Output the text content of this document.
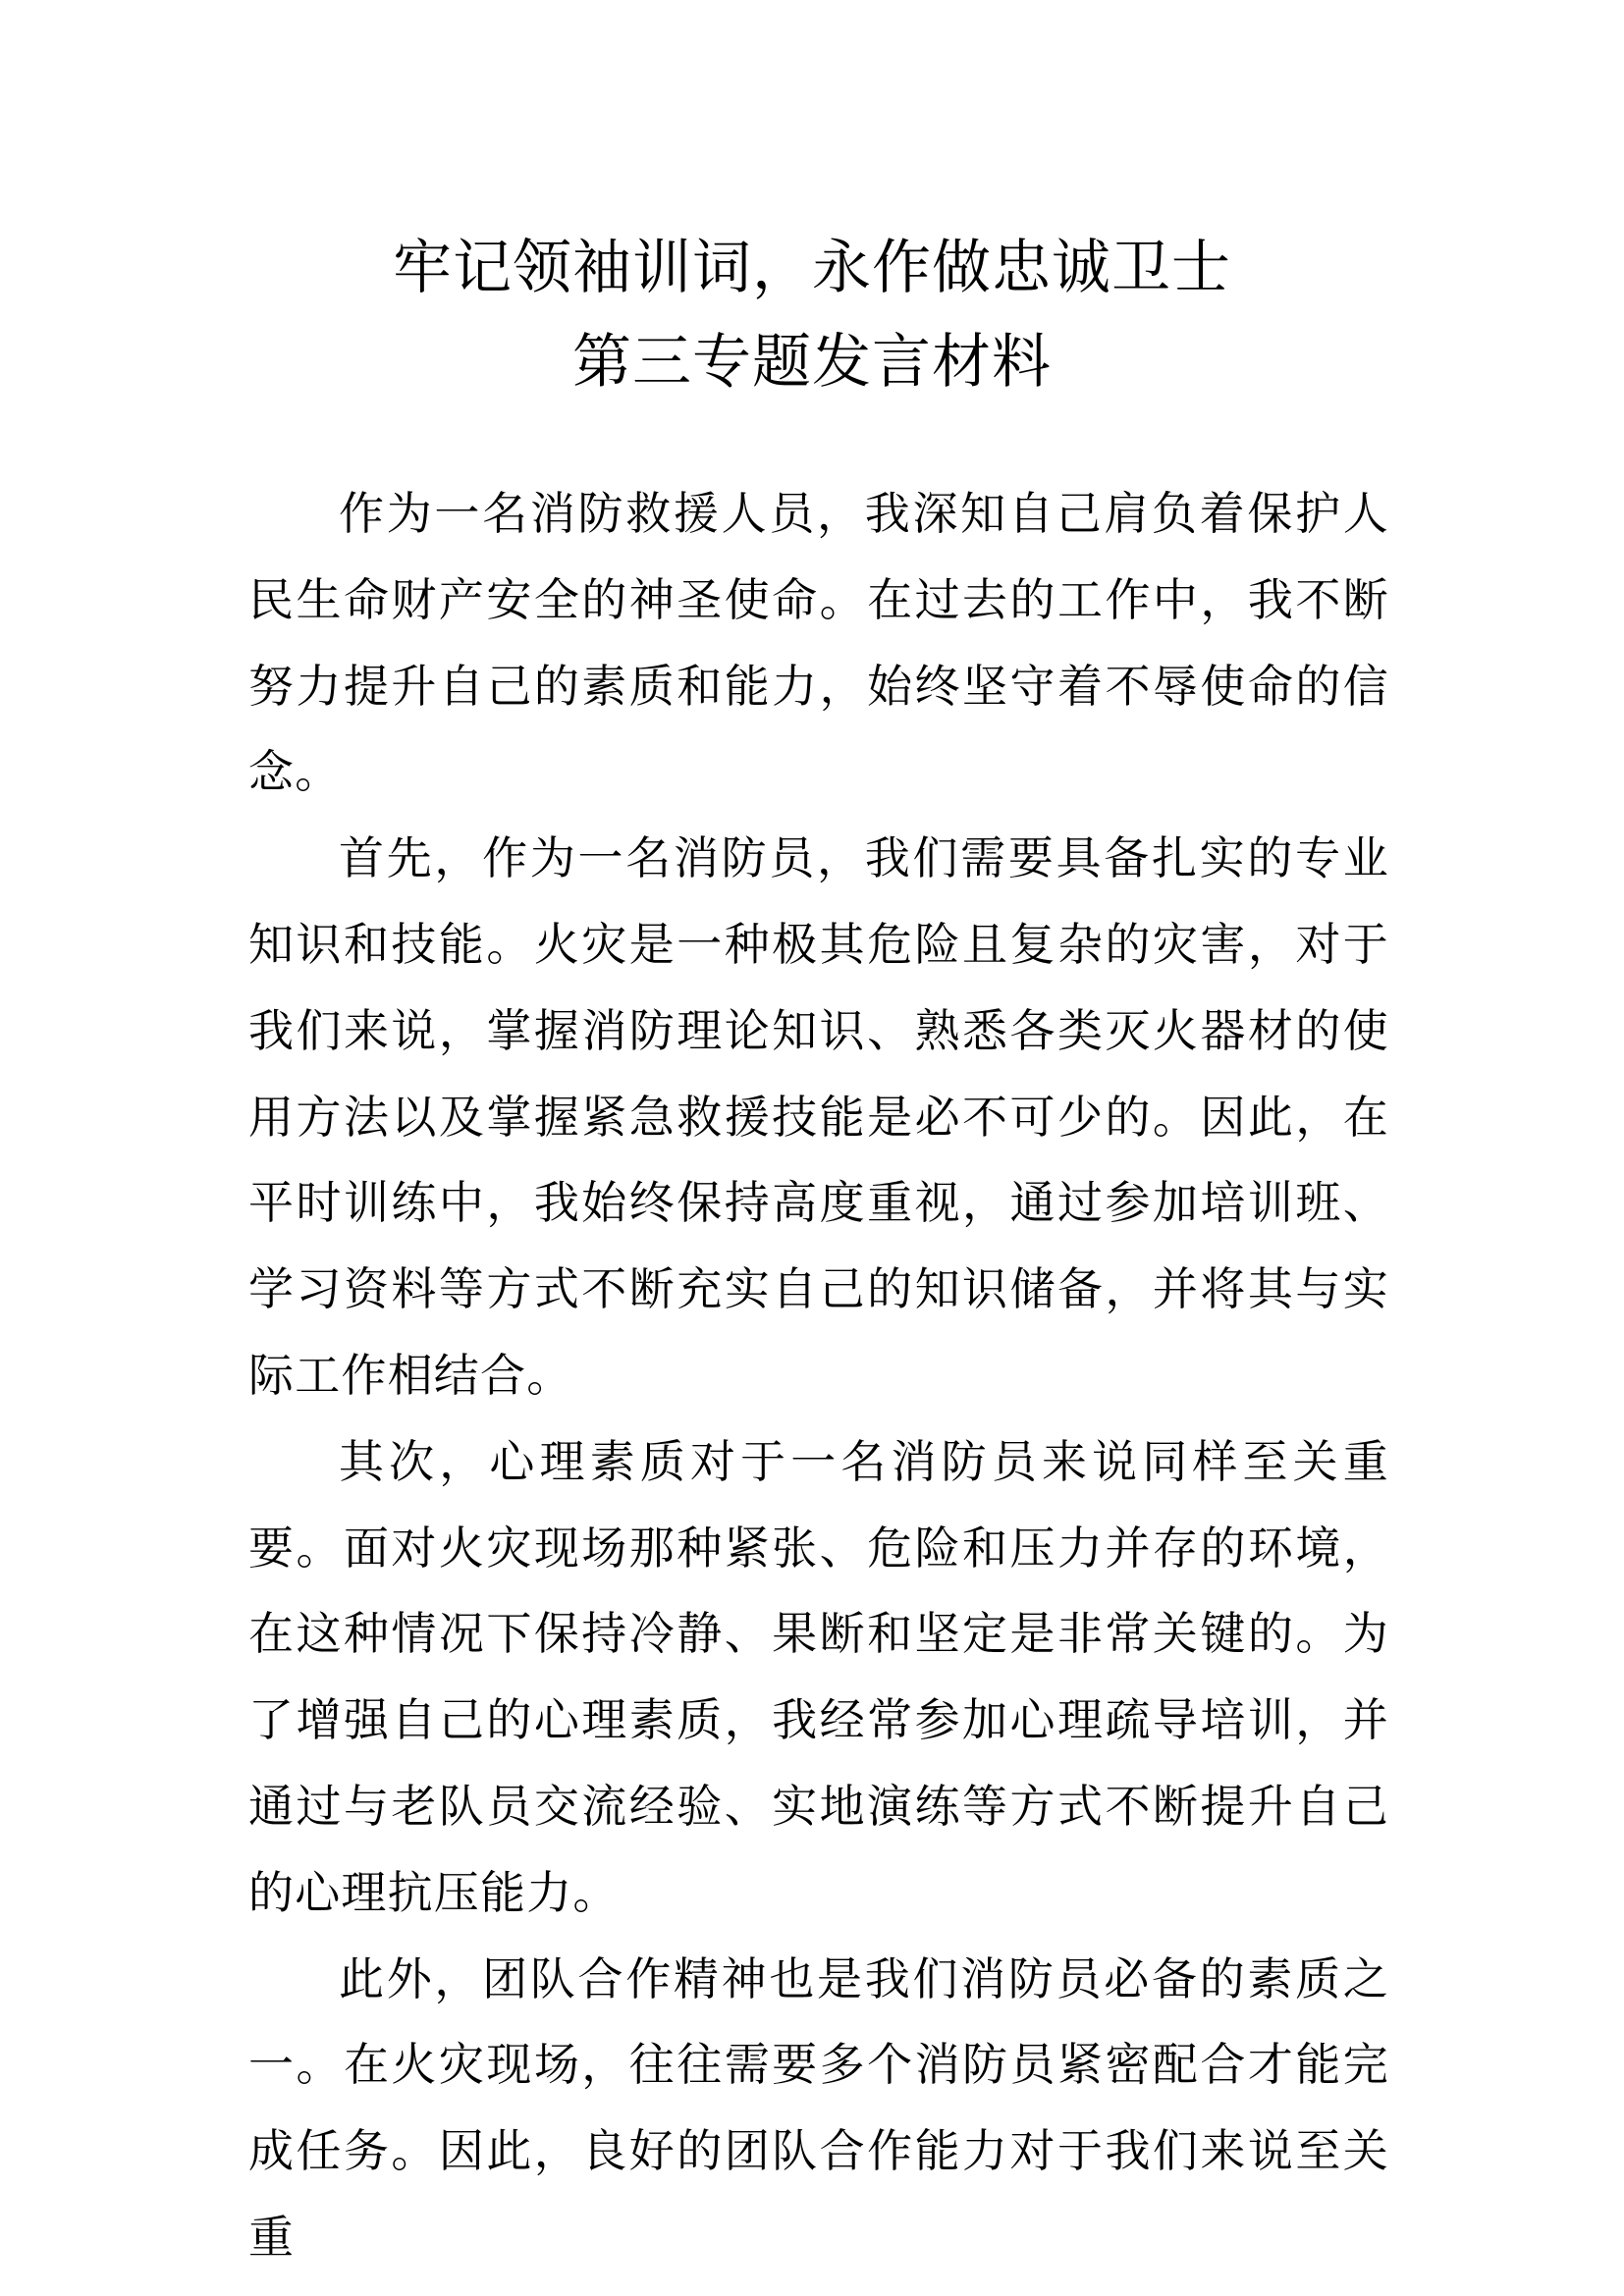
牢记领袖训词，永作做忠诚卫士
第三专题发言材料

作为一名消防救援人员，我深知自己肩负着保护人民生命财产安全的神圣使命。在过去的工作中，我不断努力提升自己的素质和能力，始终坚守着不辱使命的信念。

首先，作为一名消防员，我们需要具备扎实的专业知识和技能。火灾是一种极其危险且复杂的灾害，对于我们来说，掌握消防理论知识、熟悉各类灭火器材的使用方法以及掌握紧急救援技能是必不可少的。因此，在平时训练中，我始终保持高度重视，通过参加培训班、学习资料等方式不断充实自己的知识储备，并将其与实际工作相结合。

其次，心理素质对于一名消防员来说同样至关重要。面对火灾现场那种紧张、危险和压力并存的环境，在这种情况下保持冷静、果断和坚定是非常关键的。为了增强自己的心理素质，我经常参加心理疏导培训，并通过与老队员交流经验、实地演练等方式不断提升自己的心理抗压能力。

此外，团队合作精神也是我们消防员必备的素质之一。在火灾现场，往往需要多个消防员紧密配合才能完成任务。因此，良好的团队合作能力对于我们来说至关重
